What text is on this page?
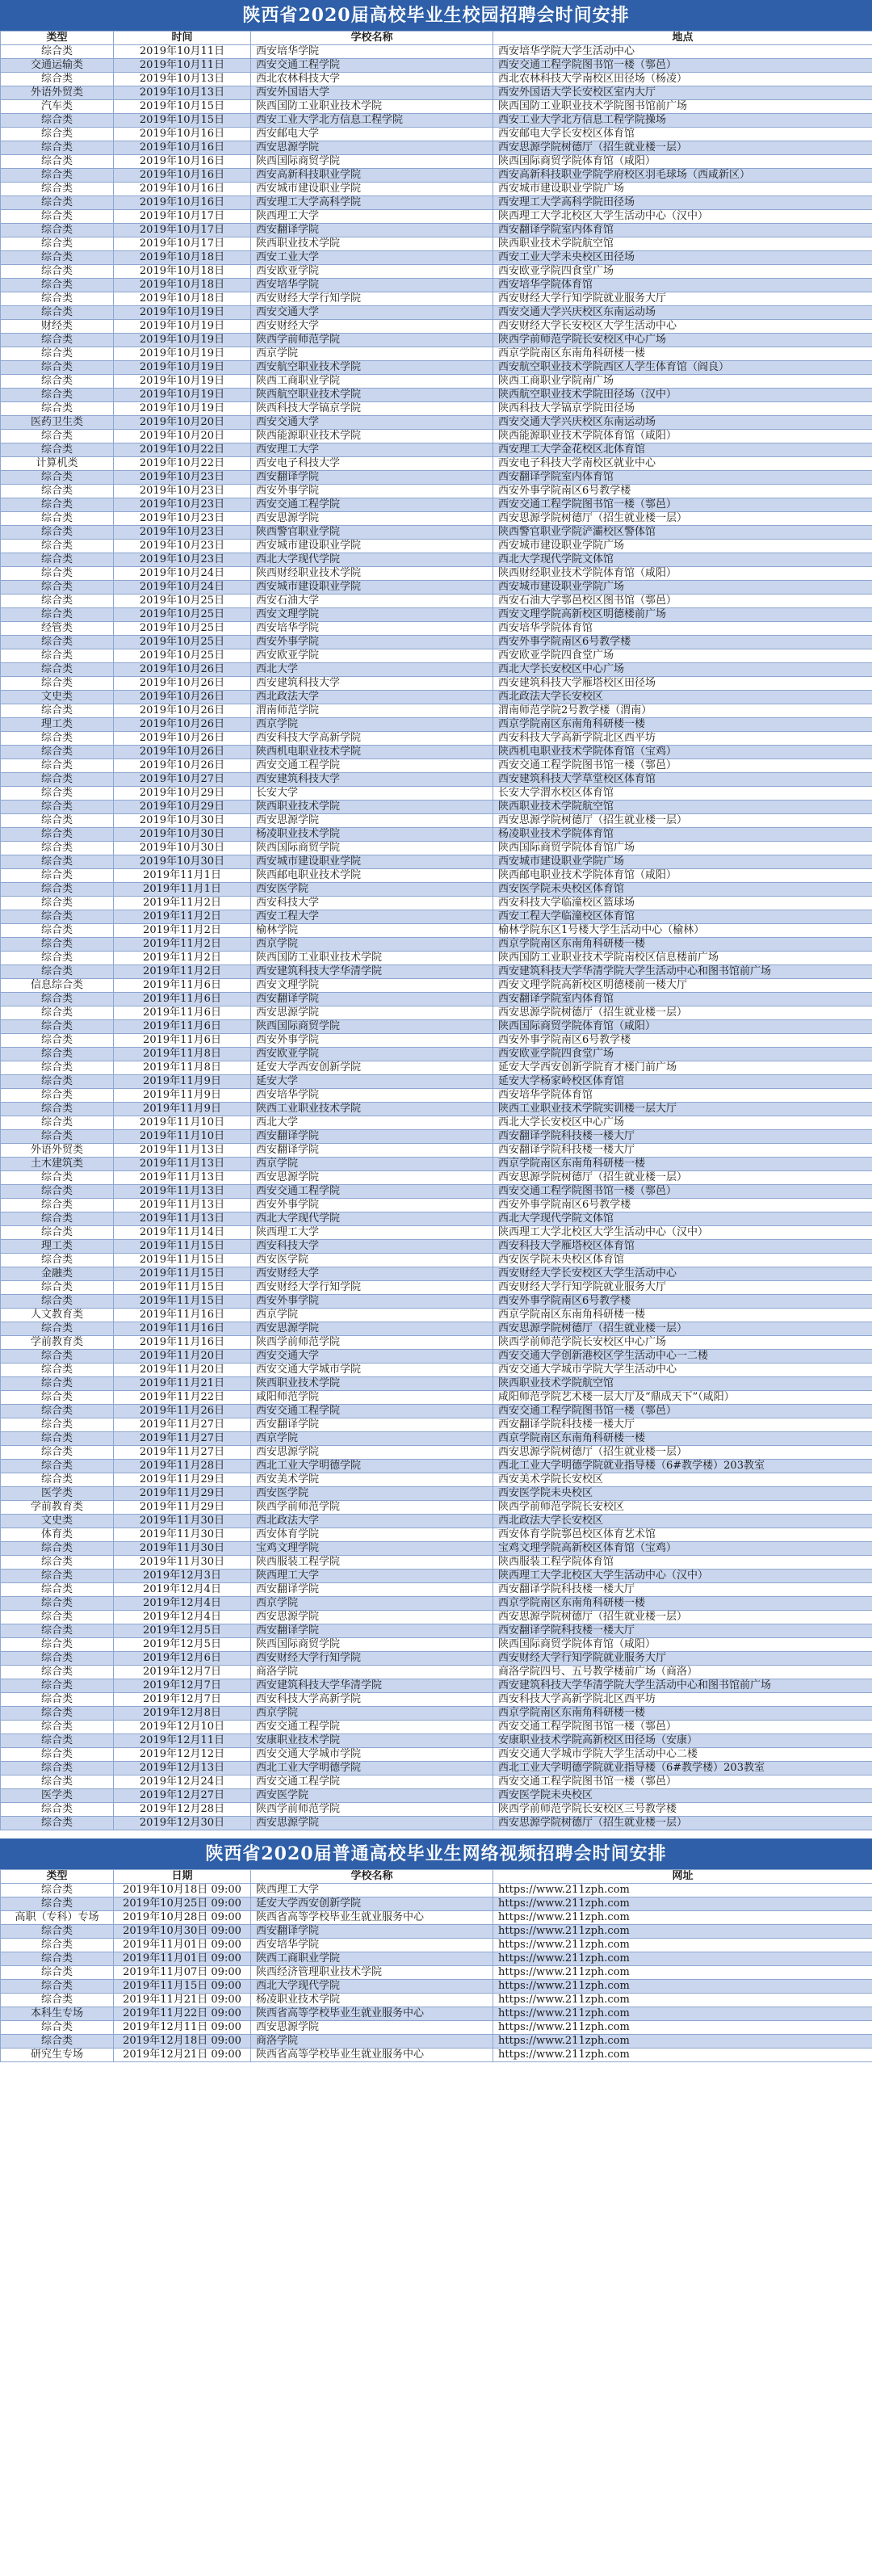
陕西省2020届高校毕业生校园招聘会时间安排
类型	时间	学校名称	地点
综合类	2019年10月11日	西安培华学院	西安培华学院大学生活动中心
交通运输类	2019年10月11日	西安交通工程学院	西安交通工程学院图书馆一楼（鄠邑）
综合类	2019年10月13日	西北农林科技大学	西北农林科技大学南校区田径场（杨凌）
外语外贸类	2019年10月13日	西安外国语大学	西安外国语大学长安校区室内大厅
汽车类	2019年10月15日	陕西国防工业职业技术学院	陕西国防工业职业技术学院图书馆前广场
综合类	2019年10月15日	西安工业大学北方信息工程学院	西安工业大学北方信息工程学院操场
综合类	2019年10月16日	西安邮电大学	西安邮电大学长安校区体育馆
综合类	2019年10月16日	西安思源学院	西安思源学院树德厅（招生就业楼一层）
综合类	2019年10月16日	陕西国际商贸学院	陕西国际商贸学院体育馆（咸阳）
综合类	2019年10月16日	西安高新科技职业学院	西安高新科技职业学院学府校区羽毛球场（西咸新区）
综合类	2019年10月16日	西安城市建设职业学院	西安城市建设职业学院广场
综合类	2019年10月16日	西安理工大学高科学院	西安理工大学高科学院田径场
综合类	2019年10月17日	陕西理工大学	陕西理工大学北校区大学生活动中心（汉中）
综合类	2019年10月17日	西安翻译学院	西安翻译学院室内体育馆
综合类	2019年10月17日	陕西职业技术学院	陕西职业技术学院航空馆
综合类	2019年10月18日	西安工业大学	西安工业大学未央校区田径场
综合类	2019年10月18日	西安欧亚学院	西安欧亚学院四食堂广场
综合类	2019年10月18日	西安培华学院	西安培华学院体育馆
综合类	2019年10月18日	西安财经大学行知学院	西安财经大学行知学院就业服务大厅
综合类	2019年10月19日	西安交通大学	西安交通大学兴庆校区东南运动场
财经类	2019年10月19日	西安财经大学	西安财经大学长安校区大学生活动中心
综合类	2019年10月19日	陕西学前师范学院	陕西学前师范学院长安校区中心广场
综合类	2019年10月19日	西京学院	西京学院南区东南角科研楼一楼
综合类	2019年10月19日	西安航空职业技术学院	西安航空职业技术学院西区人学生体育馆（阎良）
综合类	2019年10月19日	陕西工商职业学院	陕西工商职业学院南广场
综合类	2019年10月19日	陕西航空职业技术学院	陕西航空职业技术学院田径场（汉中）
综合类	2019年10月19日	陕西科技大学镐京学院	陕西科技大学镐京学院田径场
医药卫生类	2019年10月20日	西安交通大学	西安交通大学兴庆校区东南运动场
综合类	2019年10月20日	陕西能源职业技术学院	陕西能源职业技术学院体育馆（咸阳）
综合类	2019年10月22日	西安理工大学	西安理工大学金花校区北体育馆
计算机类	2019年10月22日	西安电子科技大学	西安电子科技大学南校区就业中心
综合类	2019年10月23日	西安翻译学院	西安翻译学院室内体育馆
综合类	2019年10月23日	西安外事学院	西安外事学院南区6号教学楼
综合类	2019年10月23日	西安交通工程学院	西安交通工程学院图书馆一楼（鄠邑）
综合类	2019年10月23日	西安思源学院	西安思源学院树德厅（招生就业楼一层）
综合类	2019年10月23日	陕西警官职业学院	陕西警官职业学院浐灞校区警体馆
综合类	2019年10月23日	西安城市建设职业学院	西安城市建设职业学院广场
综合类	2019年10月23日	西北大学现代学院	西北大学现代学院文体馆
综合类	2019年10月24日	陕西财经职业技术学院	陕西财经职业技术学院体育馆（咸阳）
综合类	2019年10月24日	西安城市建设职业学院	西安城市建设职业学院广场
综合类	2019年10月25日	西安石油大学	西安石油大学鄠邑校区图书馆（鄠邑）
综合类	2019年10月25日	西安文理学院	西安文理学院高新校区明德楼前广场
经管类	2019年10月25日	西安培华学院	西安培华学院体育馆
综合类	2019年10月25日	西安外事学院	西安外事学院南区6号教学楼
综合类	2019年10月25日	西安欧亚学院	西安欧亚学院四食堂广场
综合类	2019年10月26日	西北大学	西北大学长安校区中心广场
综合类	2019年10月26日	西安建筑科技大学	西安建筑科技大学雁塔校区田径场
文史类	2019年10月26日	西北政法大学	西北政法大学长安校区
综合类	2019年10月26日	渭南师范学院	渭南师范学院2号教学楼（渭南）
理工类	2019年10月26日	西京学院	西京学院南区东南角科研楼一楼
综合类	2019年10月26日	西安科技大学高新学院	西安科技大学高新学院北区西平坊
综合类	2019年10月26日	陕西机电职业技术学院	陕西机电职业技术学院体育馆（宝鸡）
综合类	2019年10月26日	西安交通工程学院	西安交通工程学院图书馆一楼（鄠邑）
综合类	2019年10月27日	西安建筑科技大学	西安建筑科技大学草堂校区体育馆
综合类	2019年10月29日	长安大学	长安大学渭水校区体育馆
综合类	2019年10月29日	陕西职业技术学院	陕西职业技术学院航空馆
综合类	2019年10月30日	西安思源学院	西安思源学院树德厅（招生就业楼一层）
综合类	2019年10月30日	杨凌职业技术学院	杨凌职业技术学院体育馆
综合类	2019年10月30日	陕西国际商贸学院	陕西国际商贸学院体育馆广场
综合类	2019年10月30日	西安城市建设职业学院	西安城市建设职业学院广场
综合类	2019年11月1日	陕西邮电职业技术学院	陕西邮电职业技术学院体育馆（咸阳）
综合类	2019年11月1日	西安医学院	西安医学院未央校区体育馆
综合类	2019年11月2日	西安科技大学	西安科技大学临潼校区篮球场
综合类	2019年11月2日	西安工程大学	西安工程大学临潼校区体育馆
综合类	2019年11月2日	榆林学院	榆林学院东区1号楼大学生活动中心（榆林）
综合类	2019年11月2日	西京学院	西京学院南区东南角科研楼一楼
综合类	2019年11月2日	陕西国防工业职业技术学院	陕西国防工业职业技术学院南校区信息楼前广场
综合类	2019年11月2日	西安建筑科技大学华清学院	西安建筑科技大学华清学院大学生活动中心和图书馆前广场
信息综合类	2019年11月6日	西安文理学院	西安文理学院高新校区明德楼前一楼大厅
综合类	2019年11月6日	西安翻译学院	西安翻译学院室内体育馆
综合类	2019年11月6日	西安思源学院	西安思源学院树德厅（招生就业楼一层）
综合类	2019年11月6日	陕西国际商贸学院	陕西国际商贸学院体育馆（咸阳）
综合类	2019年11月6日	西安外事学院	西安外事学院南区6号教学楼
综合类	2019年11月8日	西安欧亚学院	西安欧亚学院四食堂广场
综合类	2019年11月8日	延安大学西安创新学院	延安大学西安创新学院育才楼门前广场
综合类	2019年11月9日	延安大学	延安大学杨家岭校区体育馆
综合类	2019年11月9日	西安培华学院	西安培华学院体育馆
综合类	2019年11月9日	陕西工业职业技术学院	陕西工业职业技术学院实训楼一层大厅
综合类	2019年11月10日	西北大学	西北大学长安校区中心广场
综合类	2019年11月10日	西安翻译学院	西安翻译学院科技楼一楼大厅
外语外贸类	2019年11月13日	西安翻译学院	西安翻译学院科技楼一楼大厅
土木建筑类	2019年11月13日	西京学院	西京学院南区东南角科研楼一楼
综合类	2019年11月13日	西安思源学院	西安思源学院树德厅（招生就业楼一层）
综合类	2019年11月13日	西安交通工程学院	西安交通工程学院图书馆一楼（鄠邑）
综合类	2019年11月13日	西安外事学院	西安外事学院南区6号教学楼
综合类	2019年11月13日	西北大学现代学院	西北大学现代学院文体馆
综合类	2019年11月14日	陕西理工大学	陕西理工大学北校区大学生活动中心（汉中）
理工类	2019年11月15日	西安科技大学	西安科技大学雁塔校区体育馆
综合类	2019年11月15日	西安医学院	西安医学院未央校区体育馆
金融类	2019年11月15日	西安财经大学	西安财经大学长安校区大学生活动中心
综合类	2019年11月15日	西安财经大学行知学院	西安财经大学行知学院就业服务大厅
综合类	2019年11月15日	西安外事学院	西安外事学院南区6号教学楼
人文教育类	2019年11月16日	西京学院	西京学院南区东南角科研楼一楼
综合类	2019年11月16日	西安思源学院	西安思源学院树德厅（招生就业楼一层）
学前教育类	2019年11月16日	陕西学前师范学院	陕西学前师范学院长安校区中心广场
综合类	2019年11月20日	西安交通大学	西安交通大学创新港校区学生活动中心一二楼
综合类	2019年11月20日	西安交通大学城市学院	西安交通大学城市学院大学生活动中心
综合类	2019年11月21日	陕西职业技术学院	陕西职业技术学院航空馆
综合类	2019年11月22日	咸阳师范学院	咸阳师范学院艺术楼一层大厅及“鼎成天下”（咸阳）
综合类	2019年11月26日	西安交通工程学院	西安交通工程学院图书馆一楼（鄠邑）
综合类	2019年11月27日	西安翻译学院	西安翻译学院科技楼一楼大厅
综合类	2019年11月27日	西京学院	西京学院南区东南角科研楼一楼
综合类	2019年11月27日	西安思源学院	西安思源学院树德厅（招生就业楼一层）
综合类	2019年11月28日	西北工业大学明德学院	西北工业大学明德学院就业指导楼（6#教学楼）203教室
综合类	2019年11月29日	西安美术学院	西安美术学院长安校区
医学类	2019年11月29日	西安医学院	西安医学院未央校区
学前教育类	2019年11月29日	陕西学前师范学院	陕西学前师范学院长安校区
文史类	2019年11月30日	西北政法大学	西北政法大学长安校区
体育类	2019年11月30日	西安体育学院	西安体育学院鄠邑校区体育艺术馆
综合类	2019年11月30日	宝鸡文理学院	宝鸡文理学院高新校区体育馆（宝鸡）
综合类	2019年11月30日	陕西服装工程学院	陕西服装工程学院体育馆
综合类	2019年12月3日	陕西理工大学	陕西理工大学北校区大学生活动中心（汉中）
综合类	2019年12月4日	西安翻译学院	西安翻译学院科技楼一楼大厅
综合类	2019年12月4日	西京学院	西京学院南区东南角科研楼一楼
综合类	2019年12月4日	西安思源学院	西安思源学院树德厅（招生就业楼一层）
综合类	2019年12月5日	西安翻译学院	西安翻译学院科技楼一楼大厅
综合类	2019年12月5日	陕西国际商贸学院	陕西国际商贸学院体育馆（咸阳）
综合类	2019年12月6日	西安财经大学行知学院	西安财经大学行知学院就业服务大厅
综合类	2019年12月7日	商洛学院	商洛学院四号、五号教学楼前广场（商洛）
综合类	2019年12月7日	西安建筑科技大学华清学院	西安建筑科技大学华清学院大学生活动中心和图书馆前广场
综合类	2019年12月7日	西安科技大学高新学院	西安科技大学高新学院北区西平坊
综合类	2019年12月8日	西京学院	西京学院南区东南角科研楼一楼
综合类	2019年12月10日	西安交通工程学院	西安交通工程学院图书馆一楼（鄠邑）
综合类	2019年12月11日	安康职业技术学院	安康职业技术学院高新校区田径场（安康）
综合类	2019年12月12日	西安交通大学城市学院	西安交通大学城市学院大学生活动中心二楼
综合类	2019年12月13日	西北工业大学明德学院	西北工业大学明德学院就业指导楼（6#教学楼）203教室
综合类	2019年12月24日	西安交通工程学院	西安交通工程学院图书馆一楼（鄠邑）
医学类	2019年12月27日	西安医学院	西安医学院未央校区
综合类	2019年12月28日	陕西学前师范学院	陕西学前师范学院长安校区三号教学楼
综合类	2019年12月30日	西安思源学院	西安思源学院树德厅（招生就业楼一层）
陕西省2020届普通高校毕业生网络视频招聘会时间安排
类型	日期	学校名称	网址
综合类	2019年10月18日 09:00	陕西理工大学	https://www.211zph.com
综合类	2019年10月25日 09:00	延安大学西安创新学院	https://www.211zph.com
高职（专科）专场	2019年10月28日 09:00	陕西省高等学校毕业生就业服务中心	https://www.211zph.com
综合类	2019年10月30日 09:00	西安翻译学院	https://www.211zph.com
综合类	2019年11月01日 09:00	西安培华学院	https://www.211zph.com
综合类	2019年11月01日 09:00	陕西工商职业学院	https://www.211zph.com
综合类	2019年11月07日 09:00	陕西经济管理职业技术学院	https://www.211zph.com
综合类	2019年11月15日 09:00	西北大学现代学院	https://www.211zph.com
综合类	2019年11月21日 09:00	杨凌职业技术学院	https://www.211zph.com
本科生专场	2019年11月22日 09:00	陕西省高等学校毕业生就业服务中心	https://www.211zph.com
综合类	2019年12月11日 09:00	西安思源学院	https://www.211zph.com
综合类	2019年12月18日 09:00	商洛学院	https://www.211zph.com
研究生专场	2019年12月21日 09:00	陕西省高等学校毕业生就业服务中心	https://www.211zph.com
